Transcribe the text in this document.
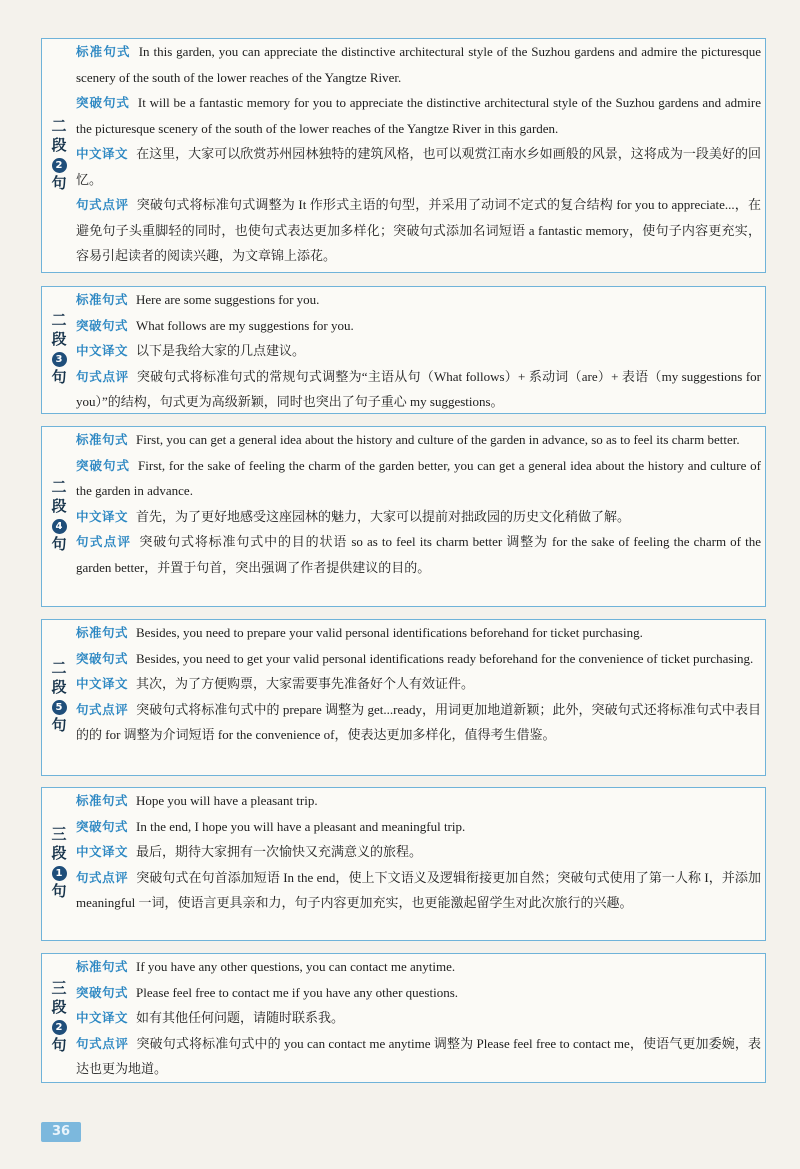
二
段
2
句
标准句式 In this garden, you can appreciate the distinctive architectural style of the Suzhou gardens and admire the picturesque scenery of the south of the lower reaches of the Yangtze River.
突破句式 It will be a fantastic memory for you to appreciate the distinctive architectural style of the Suzhou gardens and admire the picturesque scenery of the south of the lower reaches of the Yangtze River in this garden.
中文译文 在这里，大家可以欣赏苏州园林独特的建筑风格，也可以观赏江南水乡如画般的风景，这将成为一段美好的回忆。
句式点评 突破句式将标准句式调整为 It 作形式主语的句型，并采用了动词不定式的复合结构 for you to appreciate...，在避免句子头重脚轻的同时，也使句式表达更加多样化；突破句式添加名词短语 a fantastic memory，使句子内容更充实，容易引起读者的阅读兴趣，为文章锦上添花。
二
段
3
句
标准句式 Here are some suggestions for you.
突破句式 What follows are my suggestions for you.
中文译文 以下是我给大家的几点建议。
句式点评 突破句式将标准句式的常规句式调整为“主语从句（What follows）+ 系动词（are）+ 表语（my suggestions for you）”的结构，句式更为高级新颖，同时也突出了句子重心 my suggestions。
二
段
4
句
标准句式 First, you can get a general idea about the history and culture of the garden in advance, so as to feel its charm better.
突破句式 First, for the sake of feeling the charm of the garden better, you can get a general idea about the history and culture of the garden in advance.
中文译文 首先，为了更好地感受这座园林的魅力，大家可以提前对拙政园的历史文化稍做了解。
句式点评 突破句式将标准句式中的目的状语 so as to feel its charm better 调整为 for the sake of feeling the charm of the garden better，并置于句首，突出强调了作者提供建议的目的。
二
段
5
句
标准句式 Besides, you need to prepare your valid personal identifications beforehand for ticket purchasing.
突破句式 Besides, you need to get your valid personal identifications ready beforehand for the convenience of ticket purchasing.
中文译文 其次，为了方便购票，大家需要事先准备好个人有效证件。
句式点评 突破句式将标准句式中的 prepare 调整为 get...ready，用词更加地道新颖；此外，突破句式还将标准句式中表目的的 for 调整为介词短语 for the convenience of，使表达更加多样化，值得考生借鉴。
三
段
1
句
标准句式 Hope you will have a pleasant trip.
突破句式 In the end, I hope you will have a pleasant and meaningful trip.
中文译文 最后，期待大家拥有一次愉快又充满意义的旅程。
句式点评 突破句式在句首添加短语 In the end，使上下文语义及逻辑衔接更加自然；突破句式使用了第一人称 I，并添加 meaningful 一词，使语言更具亲和力，句子内容更加充实，也更能激起留学生对此次旅行的兴趣。
三
段
2
句
标准句式 If you have any other questions, you can contact me anytime.
突破句式 Please feel free to contact me if you have any other questions.
中文译文 如有其他任何问题，请随时联系我。
句式点评 突破句式将标准句式中的 you can contact me anytime 调整为 Please feel free to contact me，使语气更加委婉，表达也更为地道。
36
